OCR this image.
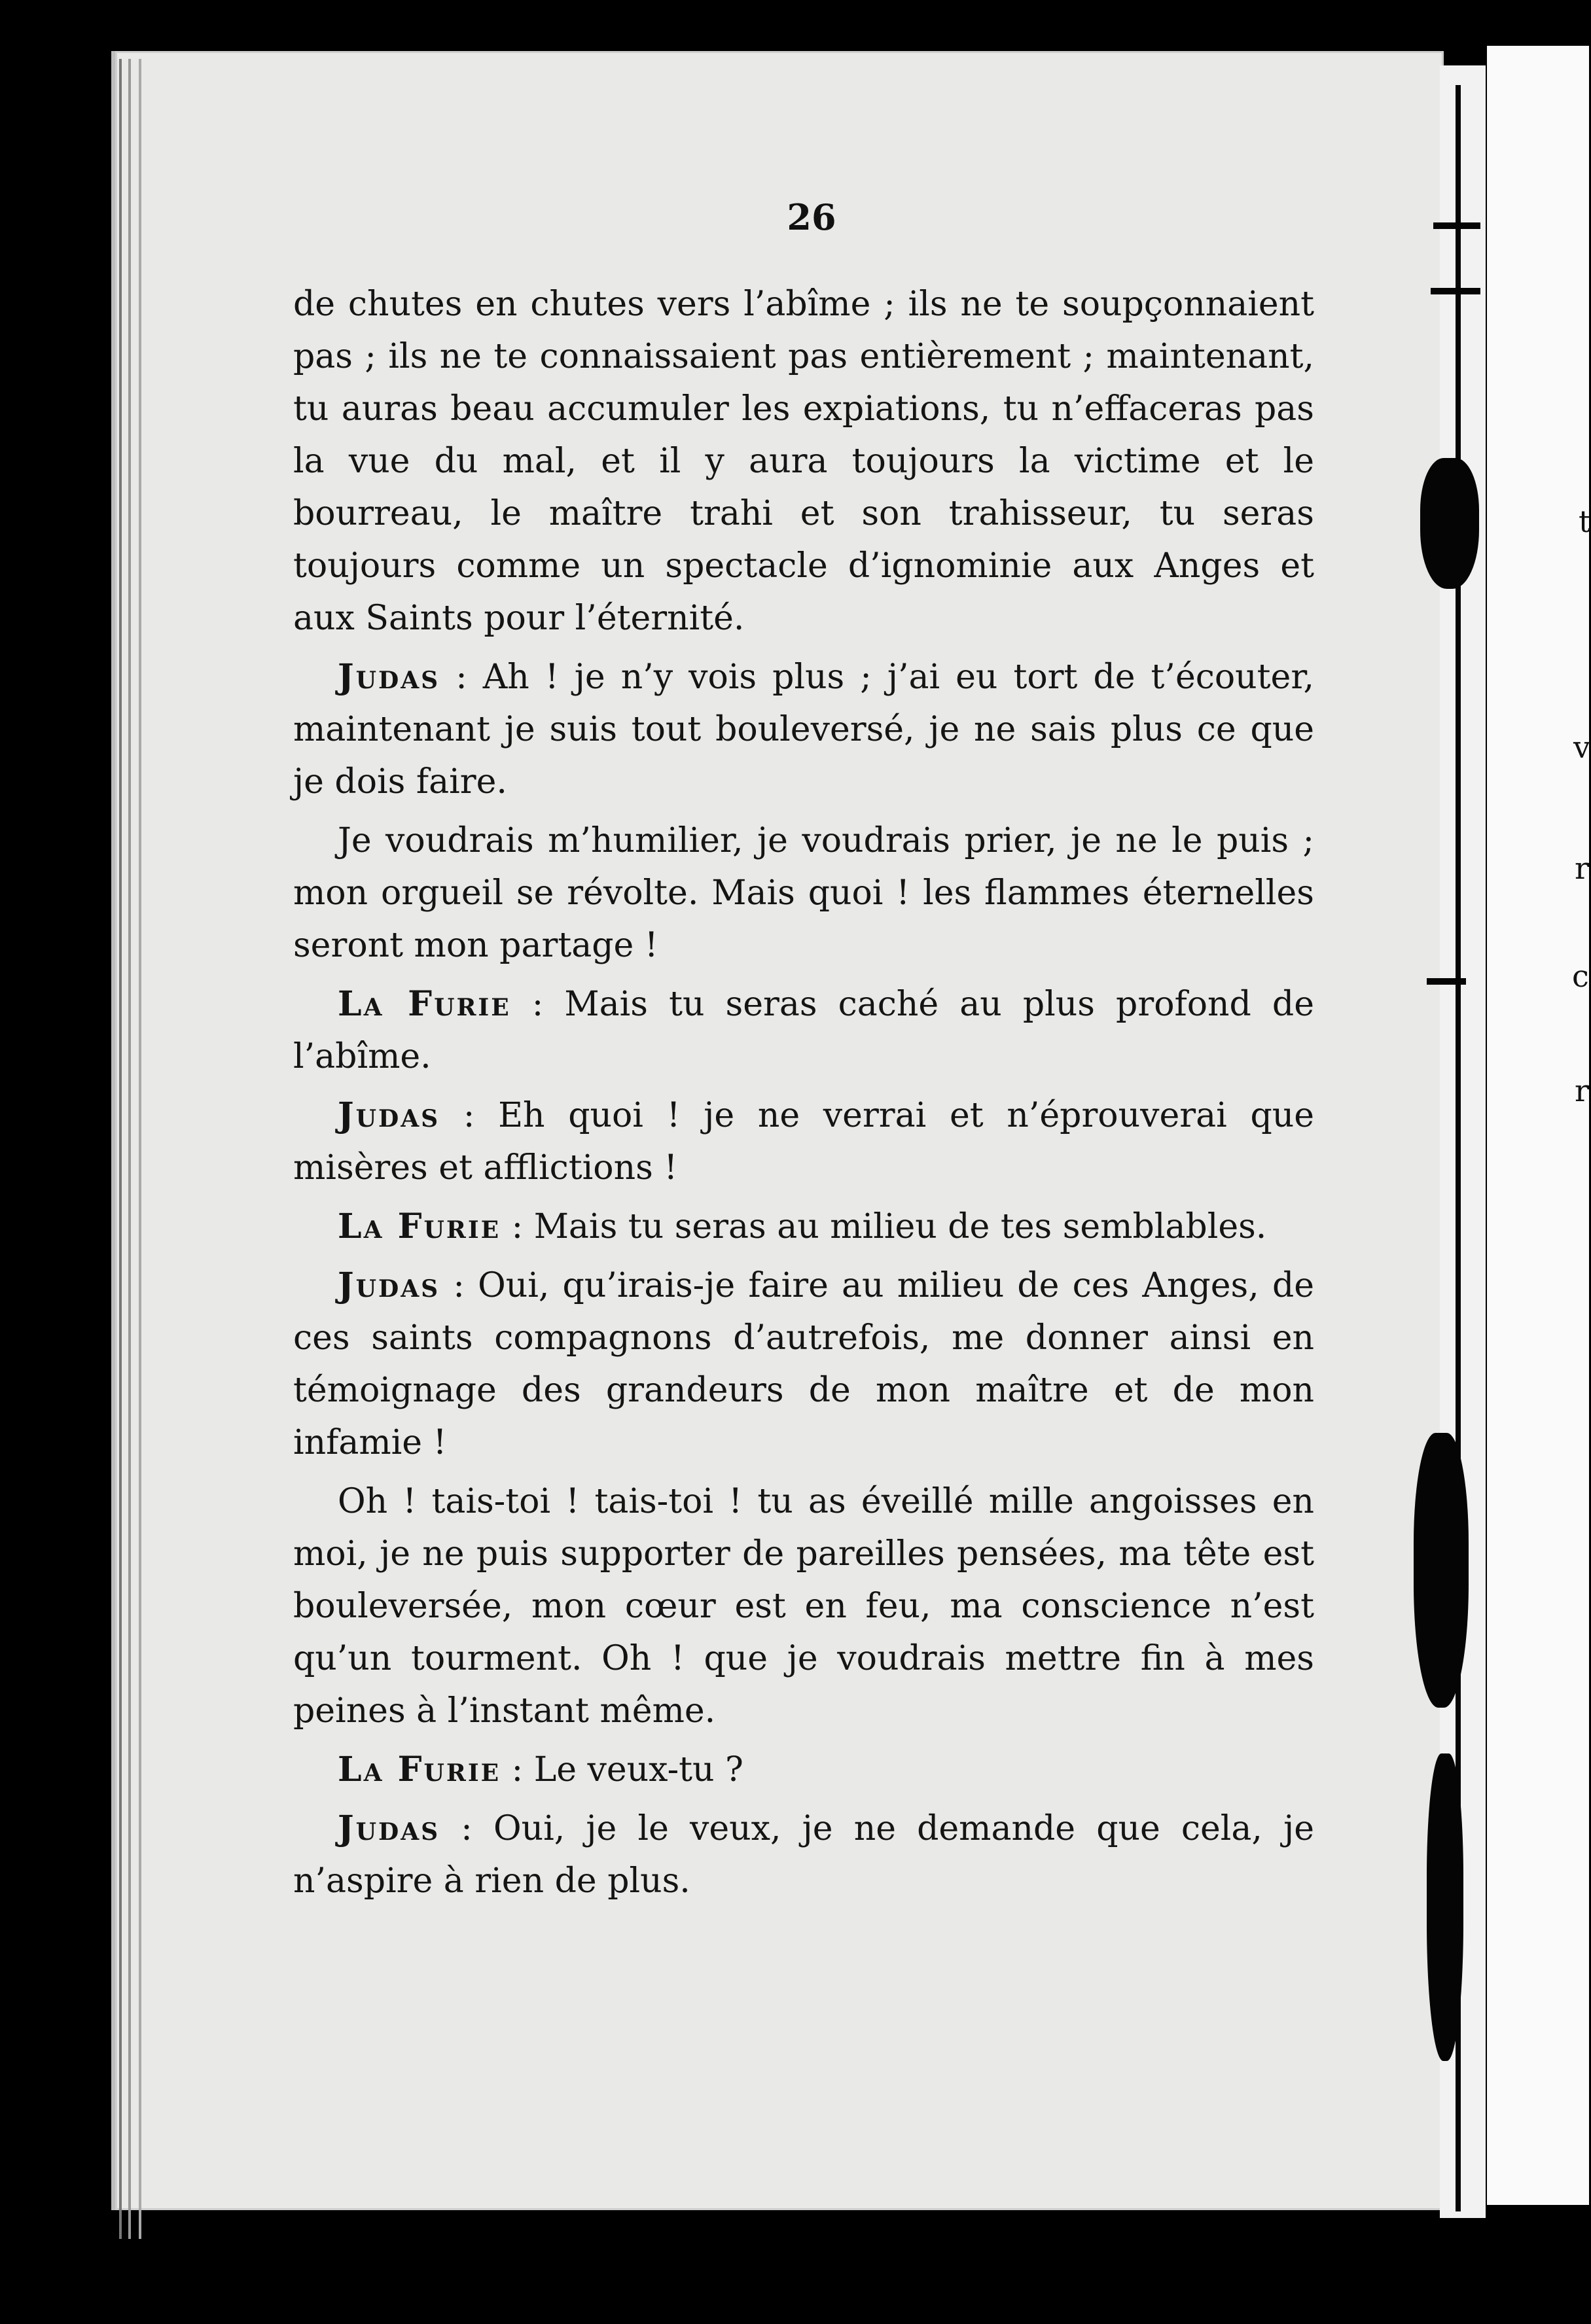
t
v
r
c
r
26

de chutes en chutes vers l’abîme ; ils ne te soupçonnaient pas ; ils ne te connaissaient pas entièrement ; maintenant, tu auras beau accumuler les expiations, tu n’effaceras pas la vue du mal, et il y aura toujours la victime et le bourreau, le maître trahi et son trahisseur, tu seras toujours comme un spectacle d’ignominie aux Anges et aux Saints pour l’éternité.

Judas : Ah ! je n’y vois plus ; j’ai eu tort de t’écouter, maintenant je suis tout bouleversé, je ne sais plus ce que je dois faire.

Je voudrais m’humilier, je voudrais prier, je ne le puis ; mon orgueil se révolte. Mais quoi ! les flammes éternelles seront mon partage !

La Furie : Mais tu seras caché au plus profond de l’abîme.

Judas : Eh quoi ! je ne verrai et n’éprouverai que misères et afflictions !

La Furie : Mais tu seras au milieu de tes semblables.

Judas : Oui, qu’irais-je faire au milieu de ces Anges, de ces saints compagnons d’autrefois, me donner ainsi en témoignage des grandeurs de mon maître et de mon infamie !

Oh ! tais-toi ! tais-toi ! tu as éveillé mille angoisses en moi, je ne puis supporter de pareilles pensées, ma tête est bouleversée, mon cœur est en feu, ma conscience n’est qu’un tourment. Oh ! que je voudrais mettre fin à mes peines à l’instant même.

La Furie : Le veux-tu ?

Judas : Oui, je le veux, je ne demande que cela, je n’aspire à rien de plus.
